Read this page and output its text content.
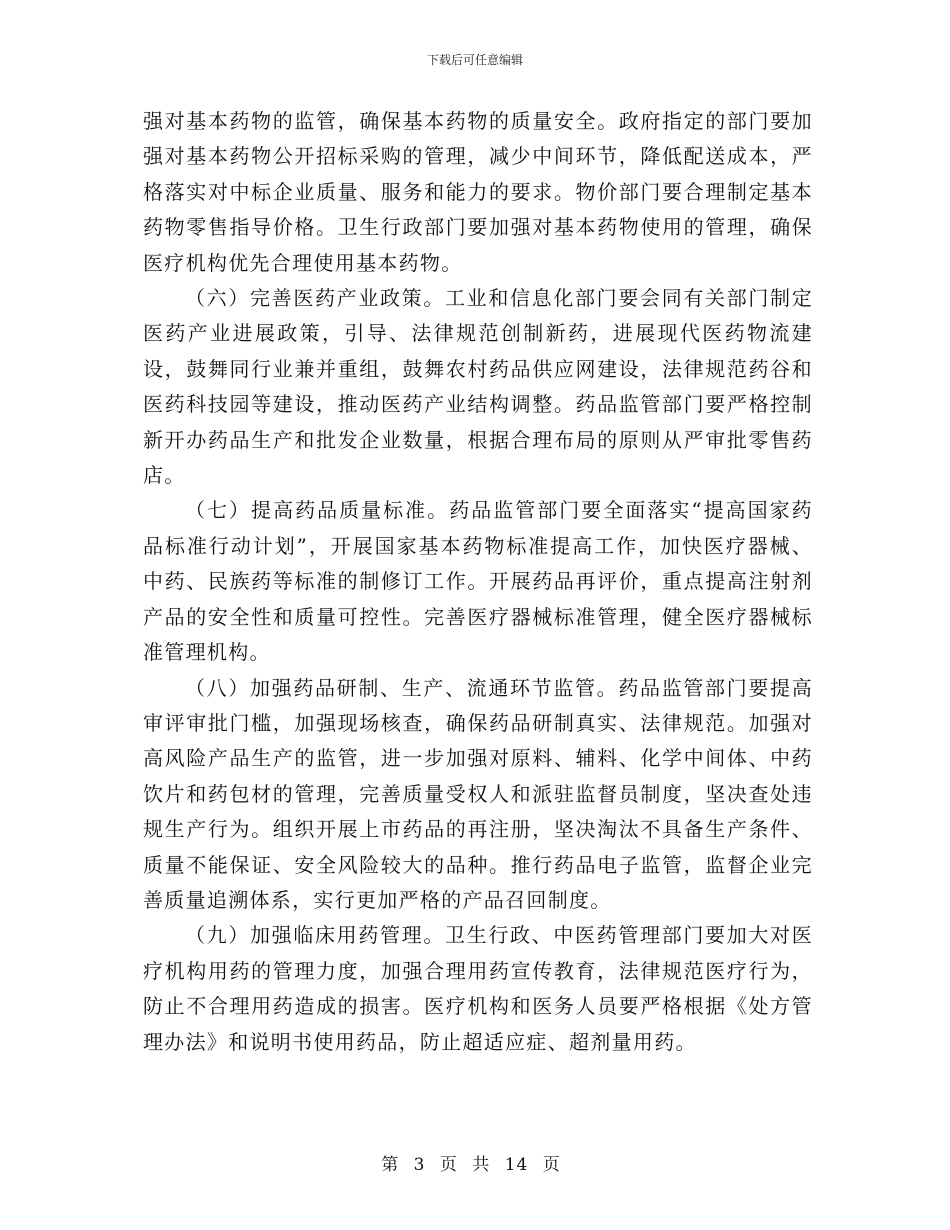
下载后可任意编辑

强对基本药物的监管，确保基本药物的质量安全。政府指定的部门要加强对基本药物公开招标采购的管理，减少中间环节，降低配送成本，严格落实对中标企业质量、服务和能力的要求。物价部门要合理制定基本药物零售指导价格。卫生行政部门要加强对基本药物使用的管理，确保医疗机构优先合理使用基本药物。

（六）完善医药产业政策。工业和信息化部门要会同有关部门制定医药产业进展政策，引导、法律规范创制新药，进展现代医药物流建设，鼓舞同行业兼并重组，鼓舞农村药品供应网建设，法律规范药谷和医药科技园等建设，推动医药产业结构调整。药品监管部门要严格控制新开办药品生产和批发企业数量，根据合理布局的原则从严审批零售药店。

（七）提高药品质量标准。药品监管部门要全面落实“提高国家药品标准行动计划”，开展国家基本药物标准提高工作，加快医疗器械、中药、民族药等标准的制修订工作。开展药品再评价，重点提高注射剂产品的安全性和质量可控性。完善医疗器械标准管理，健全医疗器械标准管理机构。

（八）加强药品研制、生产、流通环节监管。药品监管部门要提高审评审批门槛，加强现场核查，确保药品研制真实、法律规范。加强对高风险产品生产的监管，进一步加强对原料、辅料、化学中间体、中药饮片和药包材的管理，完善质量受权人和派驻监督员制度，坚决查处违规生产行为。组织开展上市药品的再注册，坚决淘汰不具备生产条件、质量不能保证、安全风险较大的品种。推行药品电子监管，监督企业完善质量追溯体系，实行更加严格的产品召回制度。

（九）加强临床用药管理。卫生行政、中医药管理部门要加大对医疗机构用药的管理力度，加强合理用药宣传教育，法律规范医疗行为，防止不合理用药造成的损害。医疗机构和医务人员要严格根据《处方管理办法》和说明书使用药品，防止超适应症、超剂量用药。

第 3 页 共 14 页
